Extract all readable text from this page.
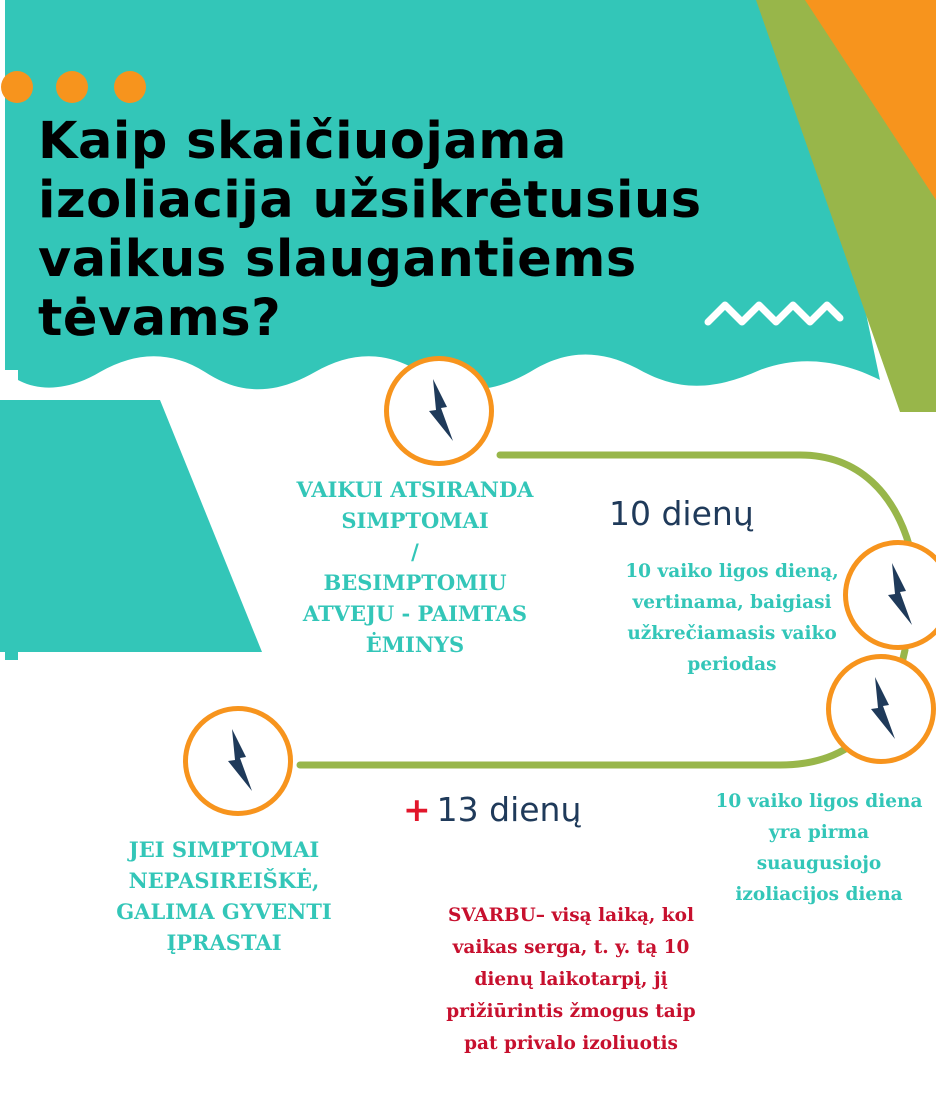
Kaip skaičiuojama izoliacija užsikrėtusius vaikus slaugantiems tėvams?
VAIKUI ATSIRANDA
SIMPTOMAI
/
BESIMPTOMIU
ATVEJU - PAIMTAS
ĖMINYS
10 dienų
10 vaiko ligos dieną,
vertinama, baigiasi
užkrečiamasis vaiko
periodas
10 vaiko ligos diena
yra pirma
suaugusiojo
izoliacijos diena
+ 13 dienų
JEI SIMPTOMAI
NEPASIREIŠKĖ,
GALIMA GYVENTI
ĮPRASTAI
SVARBU– visą laiką, kol
vaikas serga, t. y. tą 10
dienų laikotarpį, jį
prižiūrintis žmogus taip
pat privalo izoliuotis
